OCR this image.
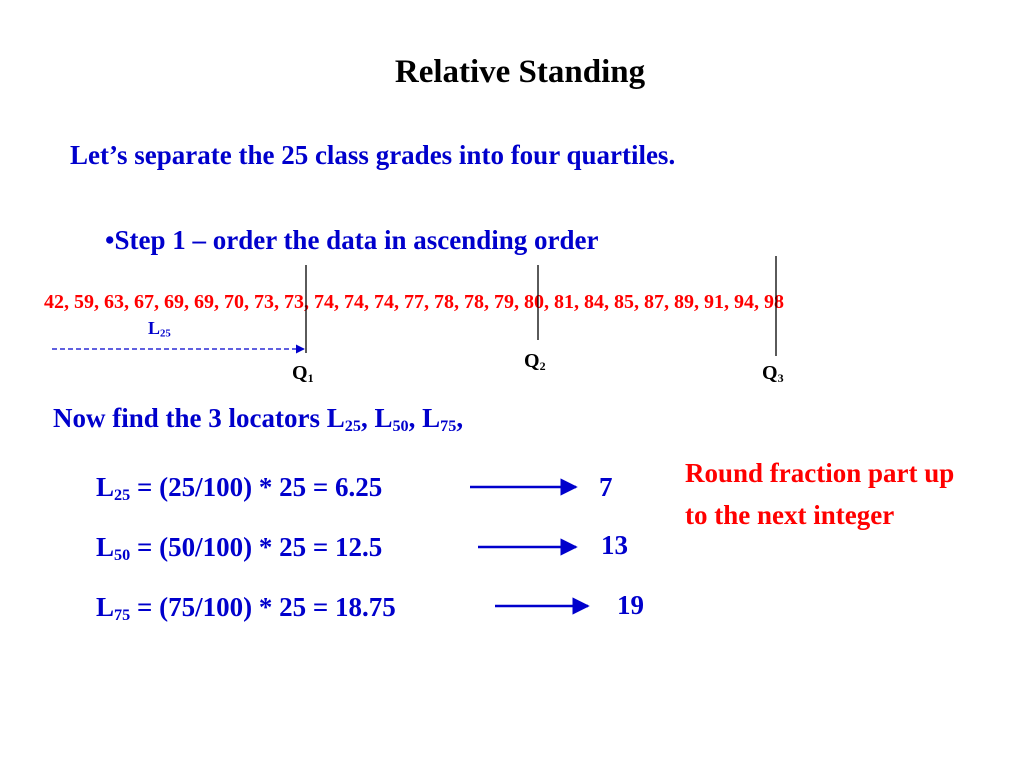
Relative Standing
Let’s separate the 25 class grades into four quartiles.
•Step 1 – order the data in ascending order
42, 59, 63, 67, 69, 69, 70, 73, 73, 74, 74, 74, 77, 78, 78, 79, 80, 81, 84, 85, 87, 89, 91, 94, 98
$L_{25}$
$Q_1$
$Q_2$	$Q_3$
Now find the 3 locators $L_{25}$, $L_{50}$, $L_{75}$,
$L_{25} = (25/100) * 25 = 6.25$	7
$L_{50} = (50/100) * 25 = 12.5$	13
$L_{75} = (75/100) * 25 = 18.75$	19
Round fraction part up to the next integer
